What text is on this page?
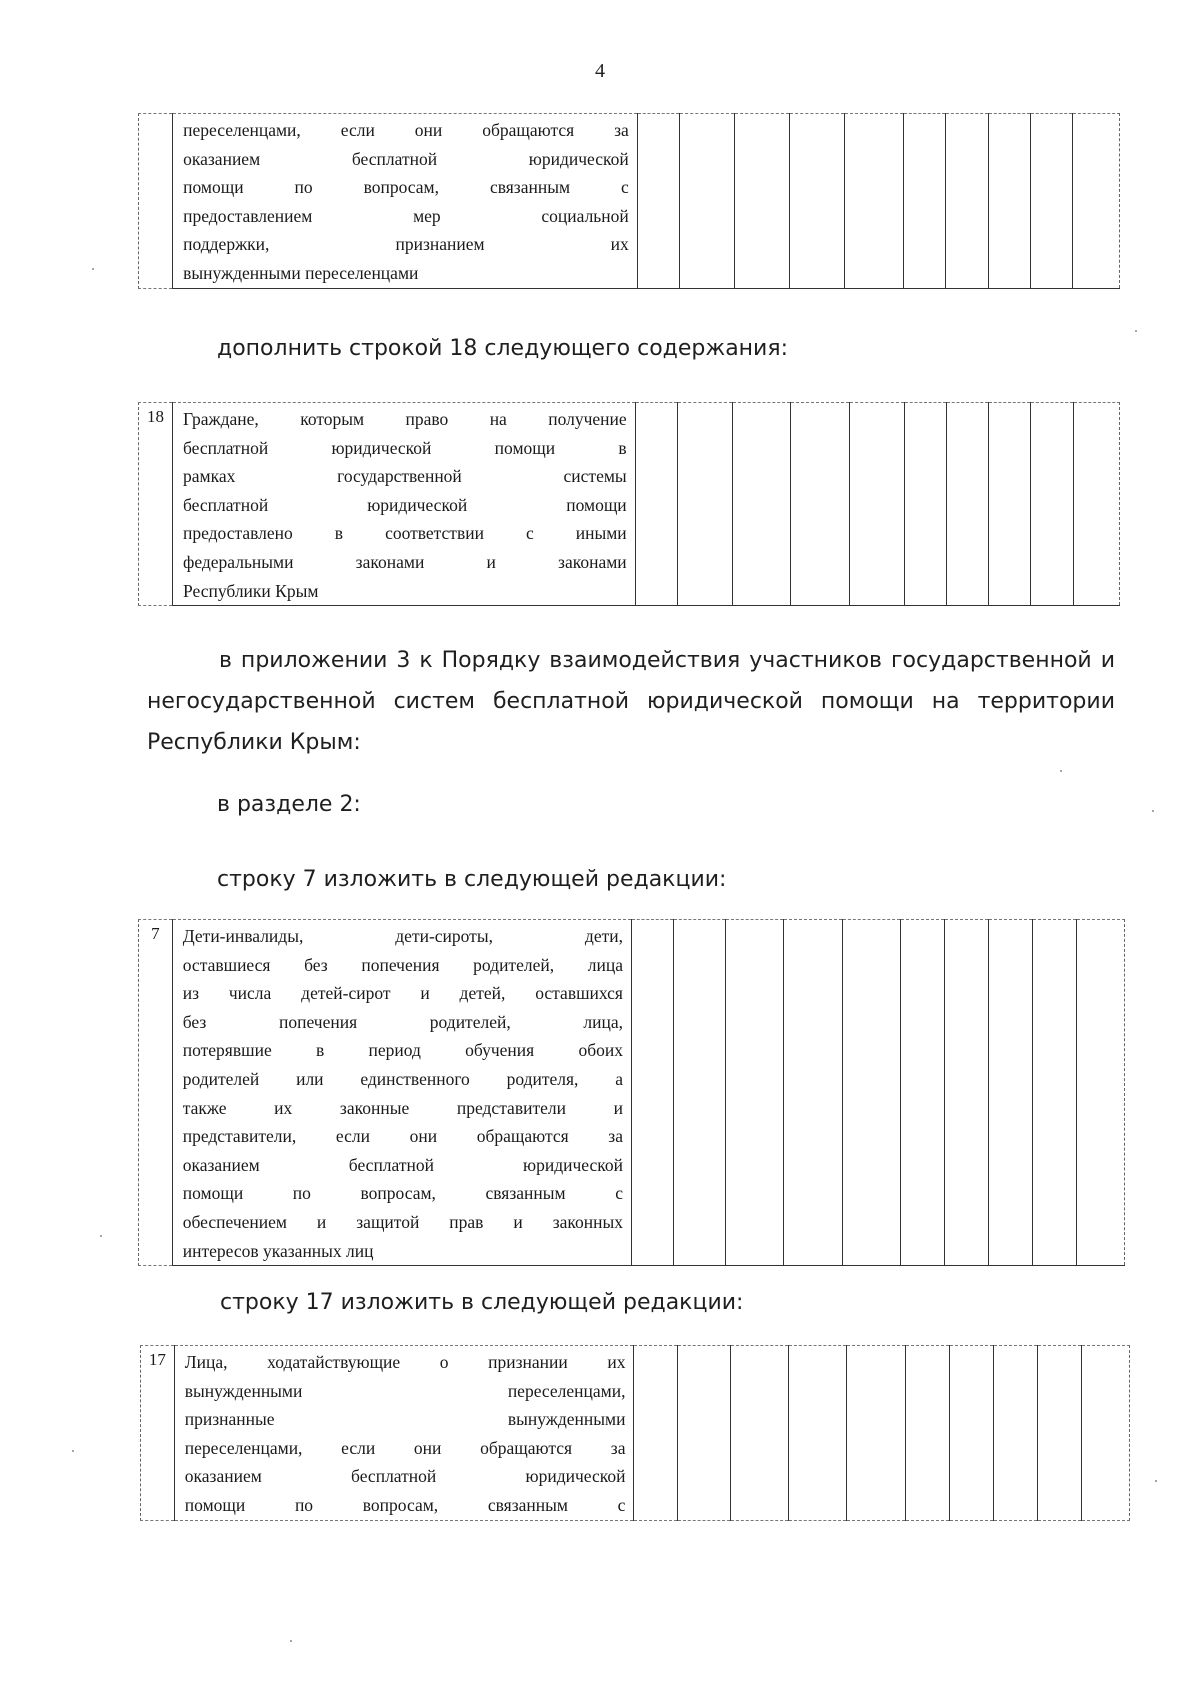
4

переселенцами, если они обращаются за
оказанием бесплатной юридической
помощи по вопросам, связанным с
предоставлением мер социальной
поддержки, признанием их
вынужденными переселенцами

дополнить строкой 18 следующего содержания:
18	Граждане, которым право на получение
бесплатной юридической помощи в
рамках государственной системы
бесплатной юридической помощи
предоставлено в соответствии с иными
федеральными законами и законами
Республики Крым

в приложении 3 к Порядку взаимодействия участников государственной и
негосударственной систем бесплатной юридической помощи на территории
Республики Крым:
в разделе 2:
строку 7 изложить в следующей редакции:
7	Дети-инвалиды, дети-сироты, дети,
оставшиеся без попечения родителей, лица
из числа детей-сирот и детей, оставшихся
без попечения родителей, лица,
потерявшие в период обучения обоих
родителей или единственного родителя, а
также их законные представители и
представители, если они обращаются за
оказанием бесплатной юридической
помощи по вопросам, связанным с
обеспечением и защитой прав и законных
интересов указанных лиц

строку 17 изложить в следующей редакции:
17	Лица, ходатайствующие о признании их
вынужденными переселенцами,
признанные вынужденными
переселенцами, если они обращаются за
оказанием бесплатной юридической
помощи по вопросам, связанным с
